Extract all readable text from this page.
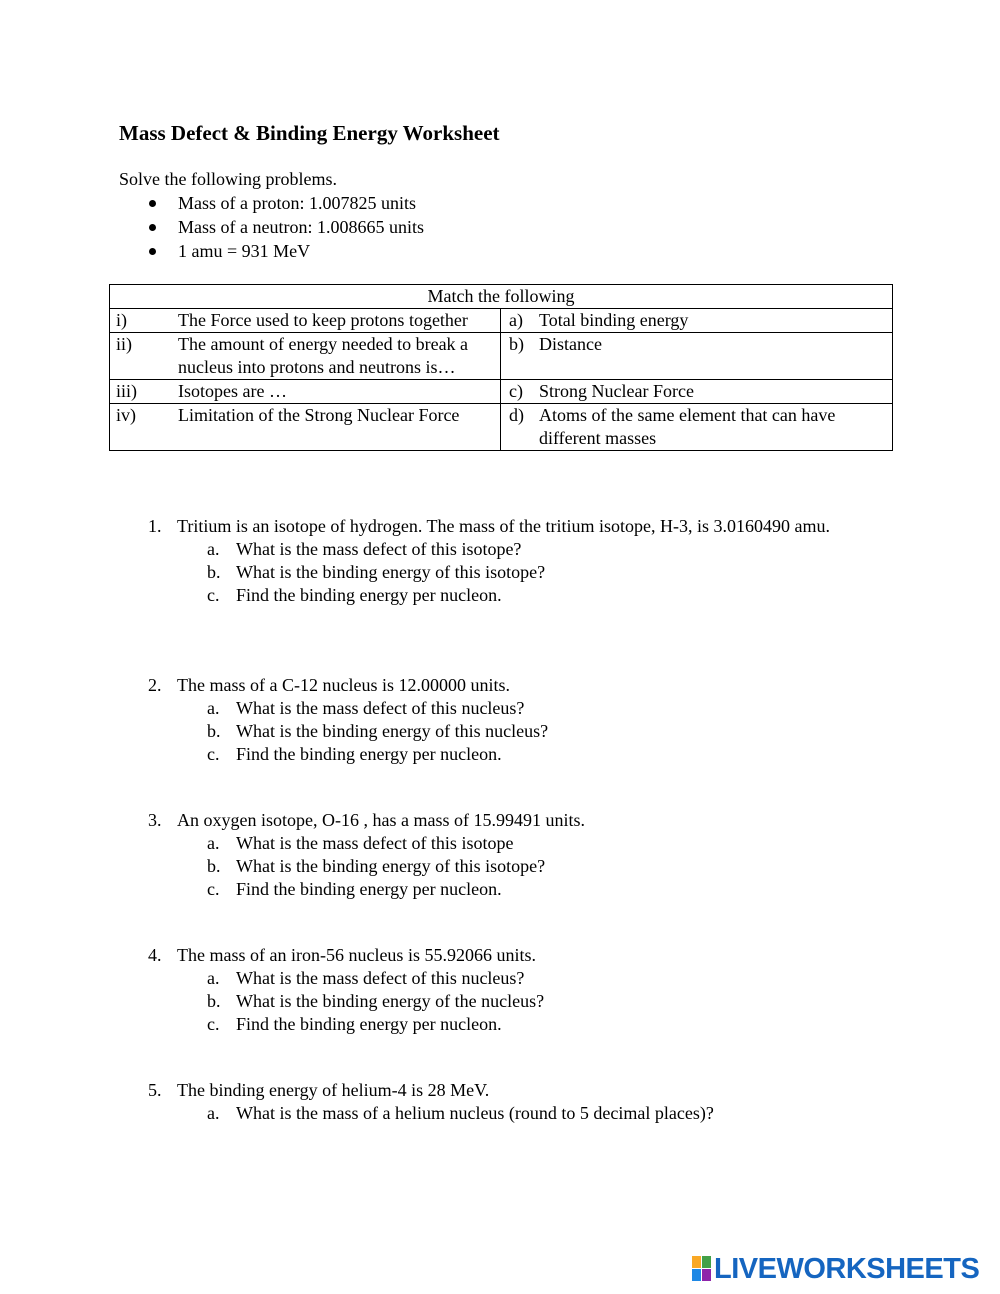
Mass Defect & Binding Energy Worksheet
Solve the following problems.
Mass of a proton: 1.007825 units
Mass of a neutron: 1.008665 units
1 amu = 931 MeV
Match the following	

i) The Force used to keep protons together	a) Total binding energy

ii) The amount of energy needed to break a nucleus into protons and neutrons is…	b) Distance

iii) Isotopes are …	c) Strong Nuclear Force

iv) Limitation of the Strong Nuclear Force	d) Atoms of the same element that can have different masses
1. Tritium is an isotope of hydrogen. The mass of the tritium isotope, H-3, is 3.0160490 amu.
a. What is the mass defect of this isotope?
b. What is the binding energy of this isotope?
c. Find the binding energy per nucleon.
2. The mass of a C-12 nucleus is 12.00000 units.
a. What is the mass defect of this nucleus?
b. What is the binding energy of this nucleus?
c. Find the binding energy per nucleon.
3. An oxygen isotope, O-16 , has a mass of 15.99491 units.
a. What is the mass defect of this isotope
b. What is the binding energy of this isotope?
c. Find the binding energy per nucleon.
4. The mass of an iron-56 nucleus is 55.92066 units.
a. What is the mass defect of this nucleus?
b. What is the binding energy of the nucleus?
c. Find the binding energy per nucleon.
5. The binding energy of helium-4 is 28 MeV.
a. What is the mass of a helium nucleus (round to 5 decimal places)?
LIVEWORKSHEETS
